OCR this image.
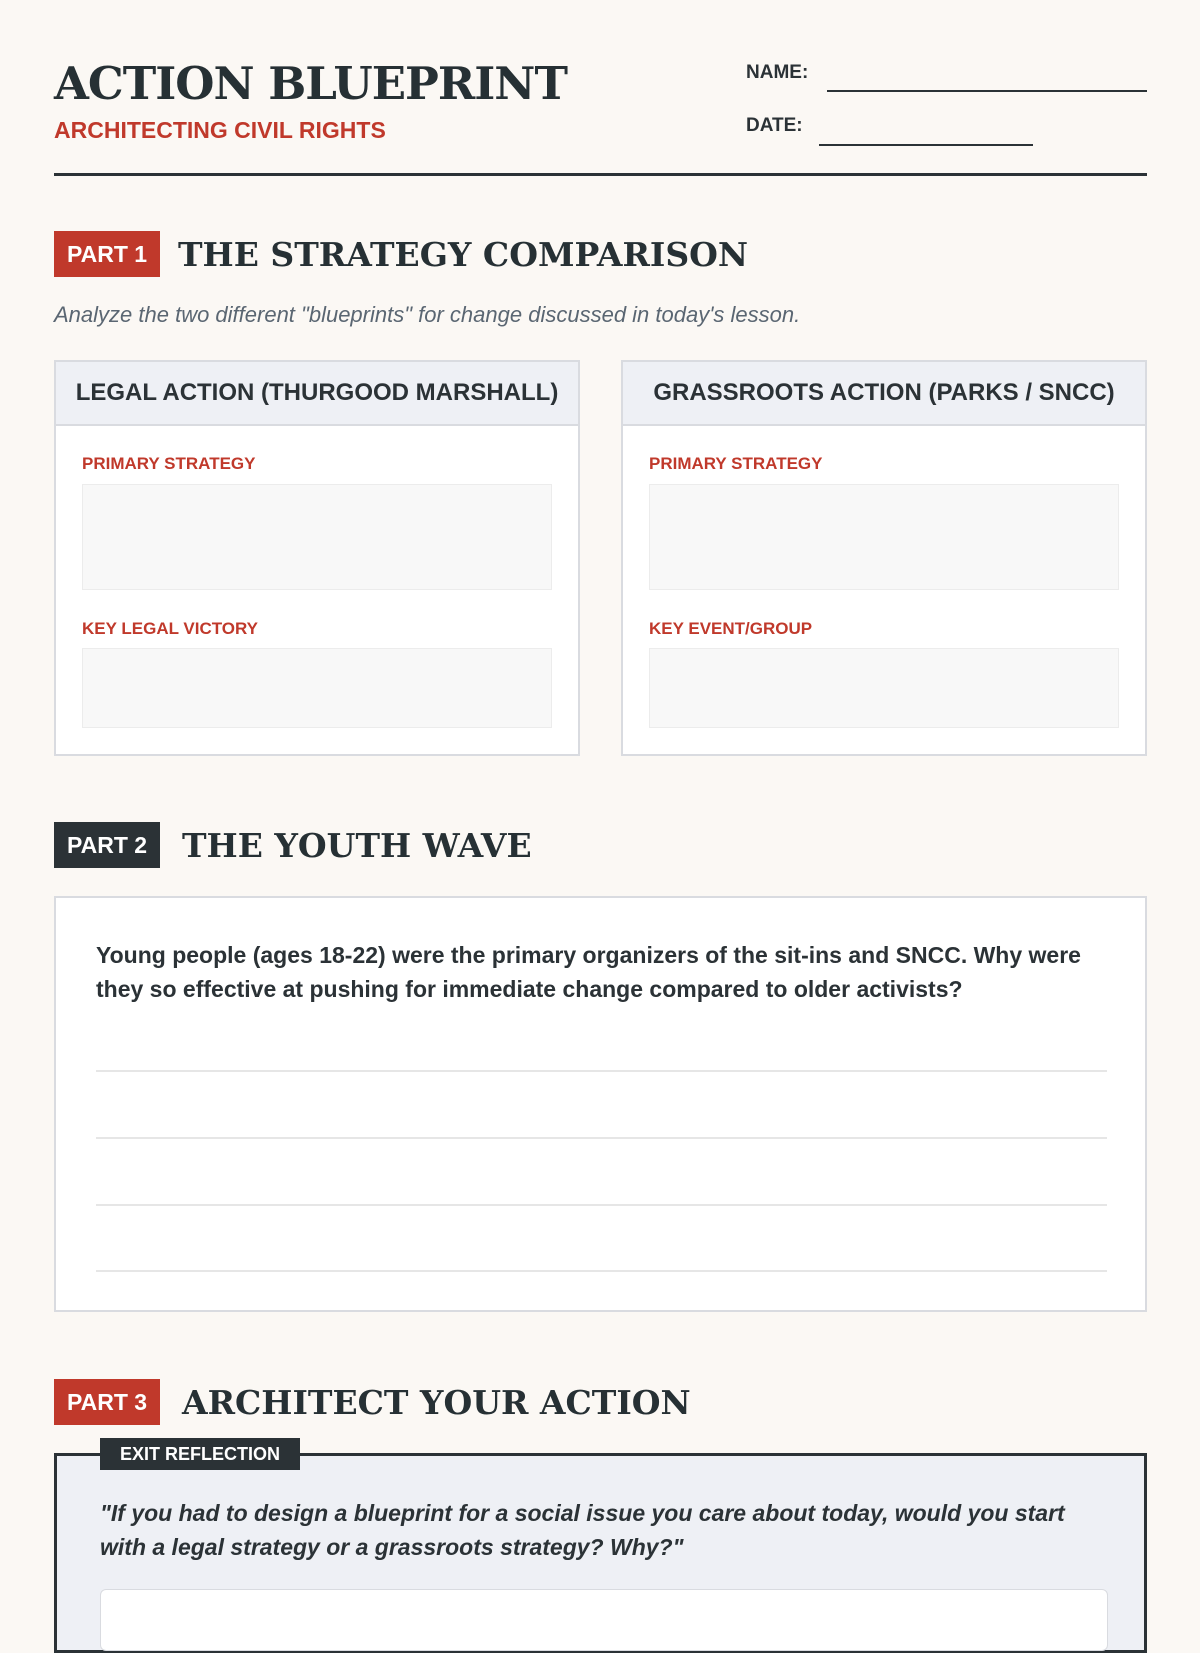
ACTION BLUEPRINT
ARCHITECTING CIVIL RIGHTS
NAME:
DATE:
PART 1 THE STRATEGY COMPARISON
Analyze the two different "blueprints" for change discussed in today's lesson.
LEGAL ACTION (THURGOOD MARSHALL)
PRIMARY STRATEGY
KEY LEGAL VICTORY
GRASSROOTS ACTION (PARKS / SNCC)
PRIMARY STRATEGY
KEY EVENT/GROUP
PART 2	THE YOUTH WAVE
Young people (ages 18-22) were the primary organizers of the sit-ins and SNCC. Why were they so effective at pushing for immediate change compared to older activists?
PART 3	ARCHITECT YOUR ACTION
EXIT REFLECTION
"If you had to design a blueprint for a social issue you care about today, would you start with a legal strategy or a grassroots strategy? Why?"
